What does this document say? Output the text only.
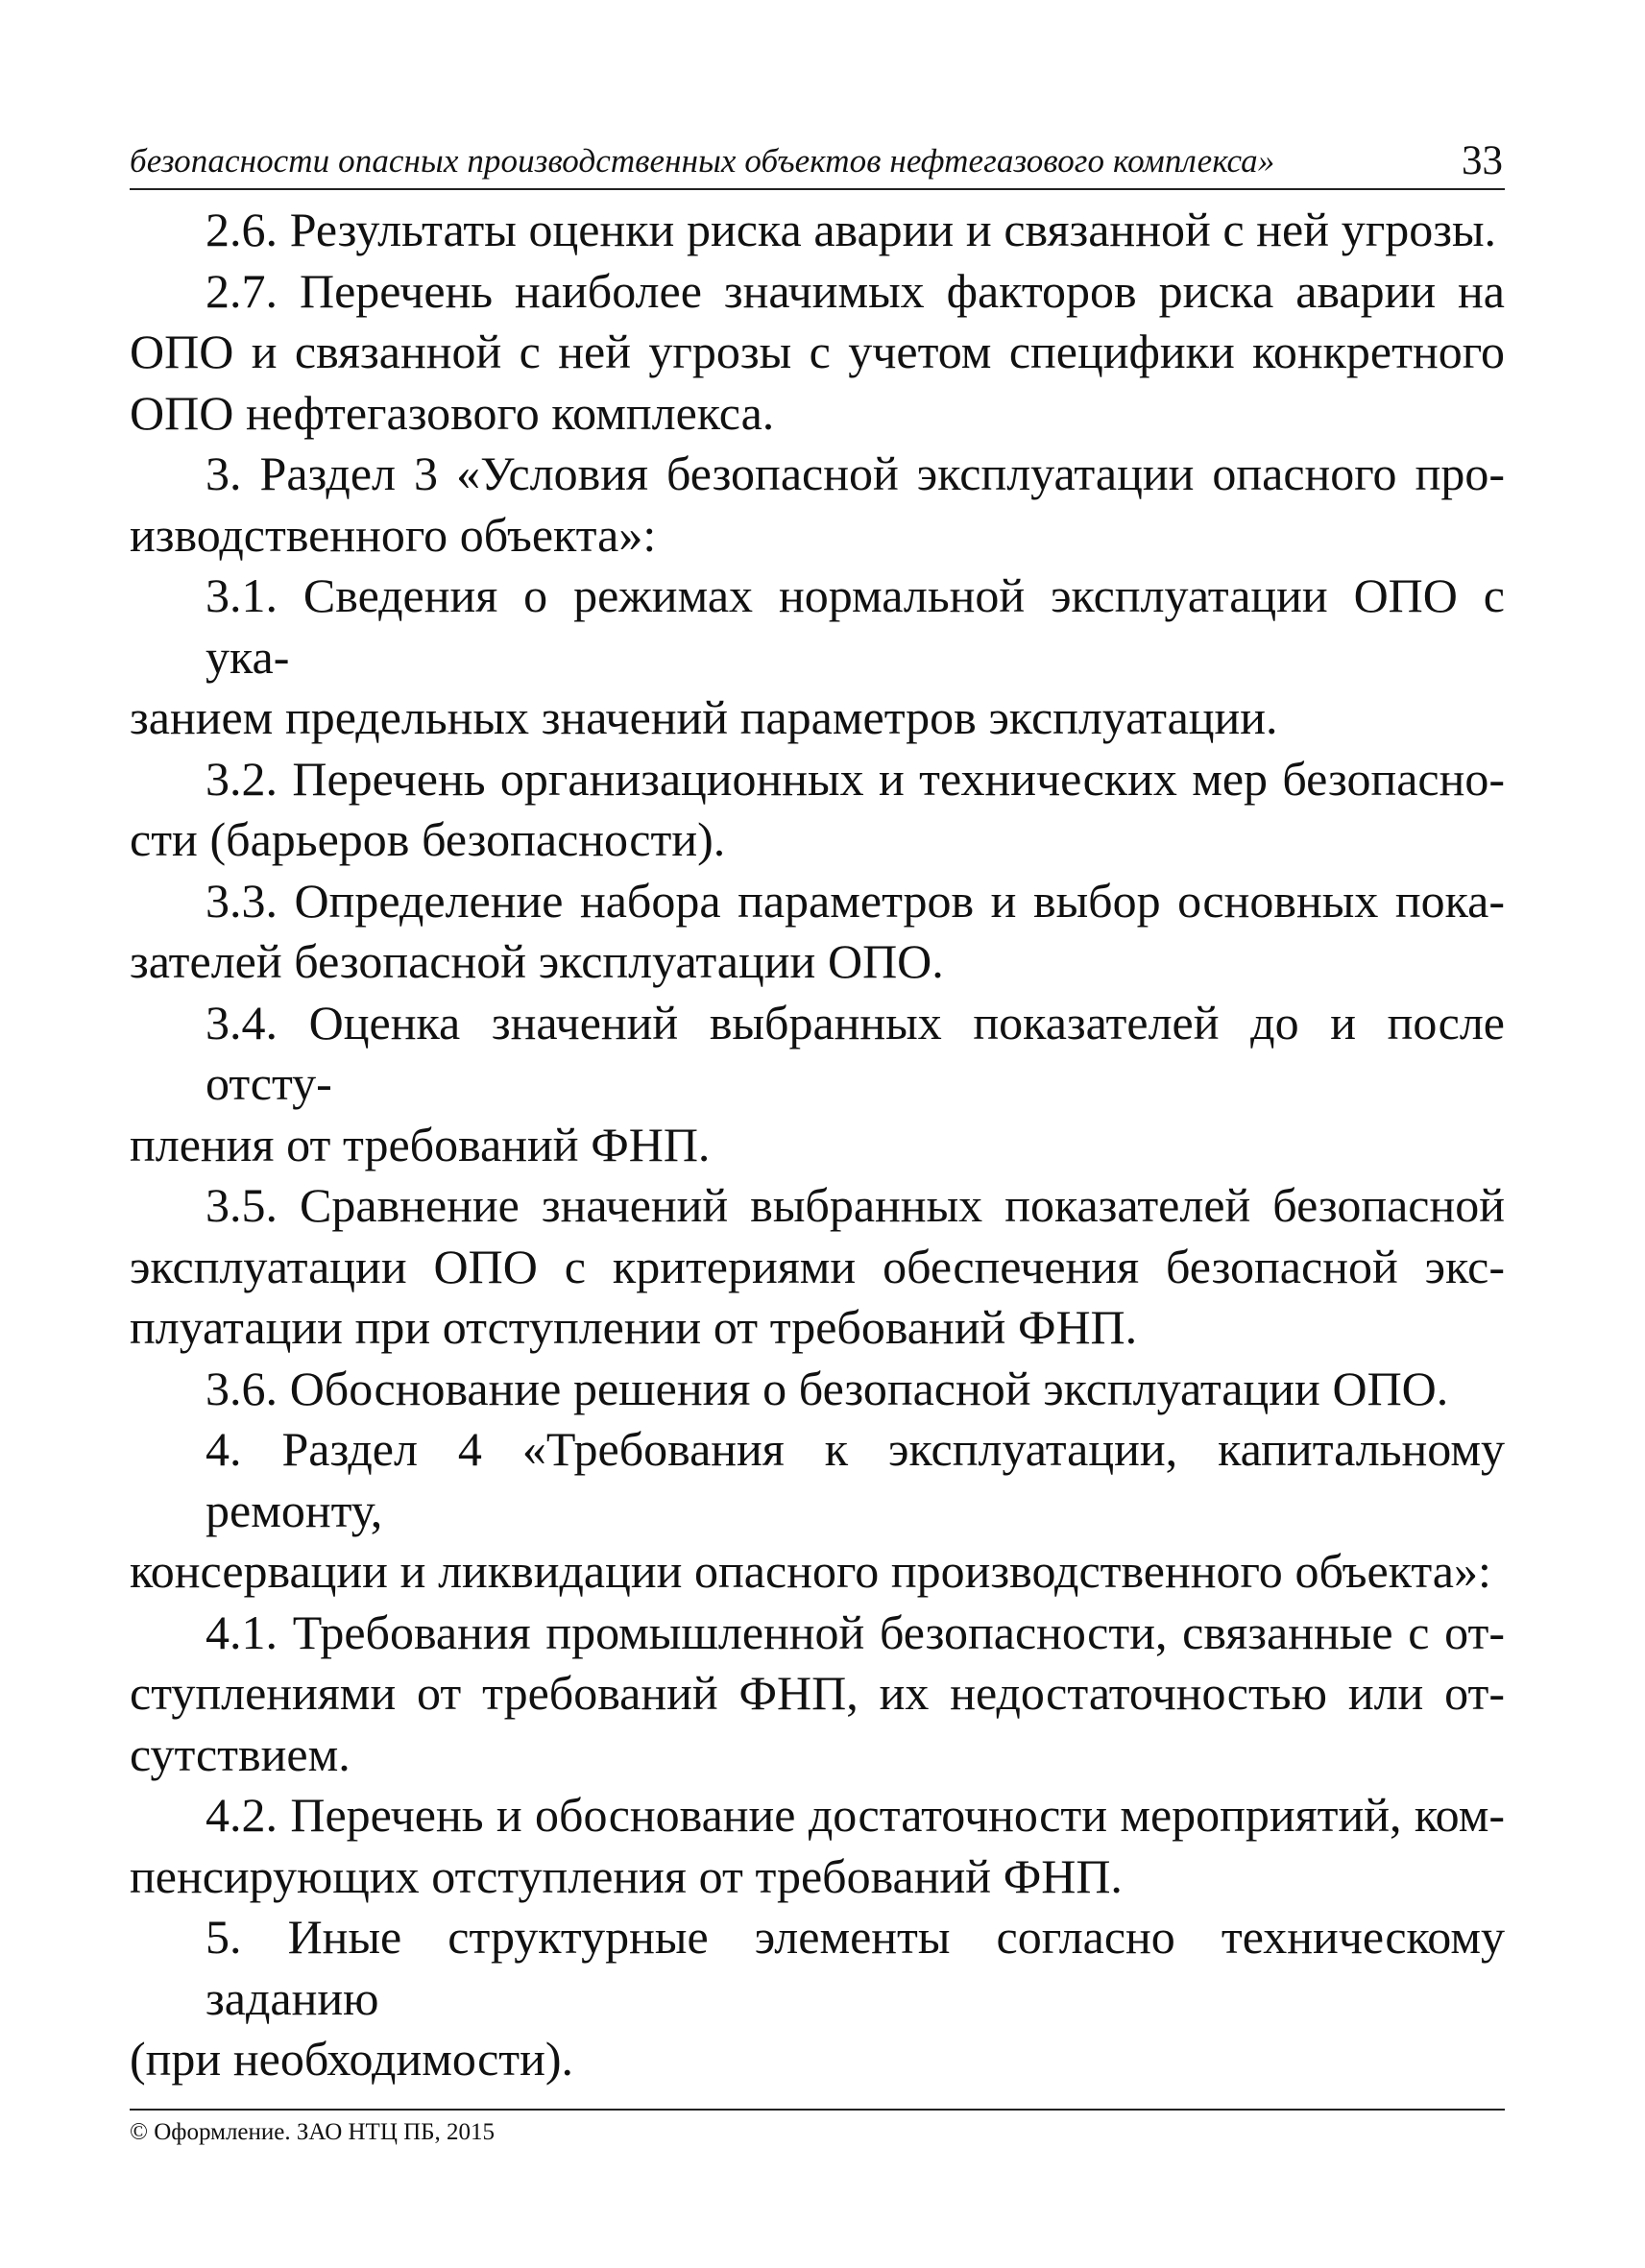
безопасности опасных производственных объектов нефтегазового комплекса»	33

2.6. Результаты оценки риска аварии и связанной с ней угрозы.

2.7. Перечень наиболее значимых факторов риска аварии на
ОПО и связанной с ней угрозы с учетом специфики конкретного
ОПО нефтегазового комплекса.

3. Раздел 3 «Условия безопасной эксплуатации опасного про-
изводственного объекта»:

3.1. Сведения о режимах нормальной эксплуатации ОПО с ука-
занием предельных значений параметров эксплуатации.

3.2. Перечень организационных и технических мер безопасно-
сти (барьеров безопасности).

3.3. Определение набора параметров и выбор основных пока-
зателей безопасной эксплуатации ОПО.

3.4. Оценка значений выбранных показателей до и после отсту-
пления от требований ФНП.

3.5. Сравнение значений выбранных показателей безопасной
эксплуатации ОПО с критериями обеспечения безопасной экс-
плуатации при отступлении от требований ФНП.

3.6. Обоснование решения о безопасной эксплуатации ОПО.

4. Раздел 4 «Требования к эксплуатации, капитальному ремонту,
консервации и ликвидации опасного производственного объекта»:

4.1. Требования промышленной безопасности, связанные с от-
ступлениями от требований ФНП, их недостаточностью или от-
сутствием.

4.2. Перечень и обоснование достаточности мероприятий, ком-
пенсирующих отступления от требований ФНП.

5. Иные структурные элементы согласно техническому заданию
(при необходимости).

© Оформление. ЗАО НТЦ ПБ, 2015
